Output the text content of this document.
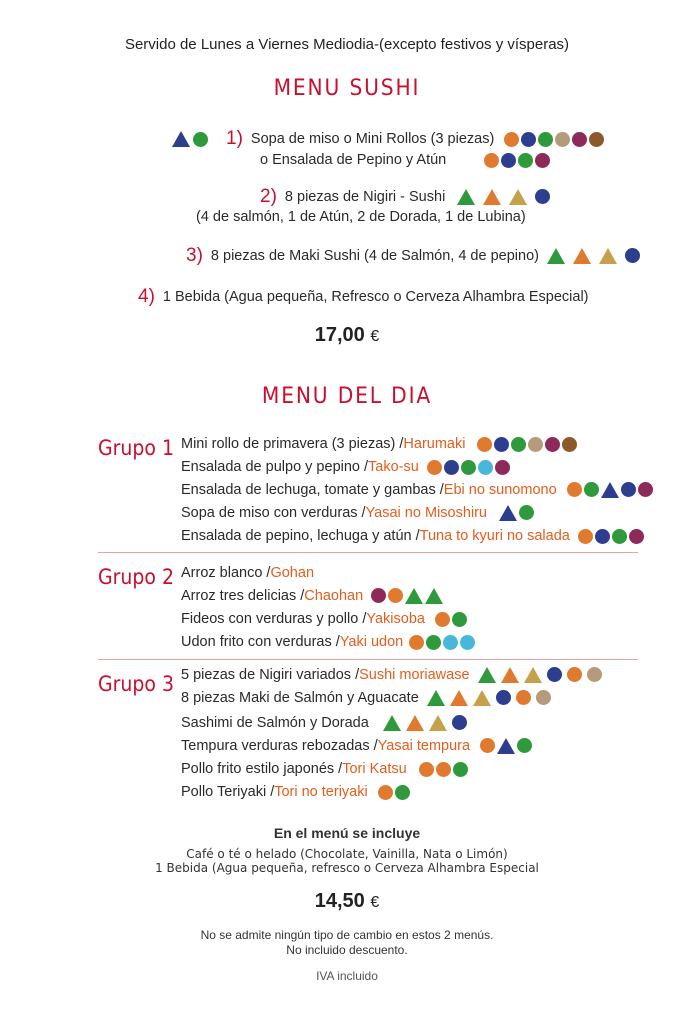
Servido de Lunes a Viernes Mediodia-(excepto festivos y vísperas)
MENU SUSHI
1) Sopa de miso o Mini Rollos (3 piezas)
o Ensalada de Pepino y Atún
2) 8 piezas de Nigiri - Sushi
(4 de salmón, 1 de Atún, 2 de Dorada, 1 de Lubina)
3) 8 piezas de Maki Sushi (4 de Salmón, 4 de pepino)
4) 1 Bebida (Agua pequeña, Refresco o Cerveza Alhambra Especial)
17,00 €
MENU DEL DIA
Grupo 1 Mini rollo de primavera (3 piezas) / Harumaki
Ensalada de pulpo y pepino / Tako-su
Ensalada de lechuga, tomate y gambas / Ebi no sunomono
Sopa de miso con verduras / Yasai no Misoshiru
Ensalada de pepino, lechuga y atún / Tuna to kyuri no salada
Grupo 2 Arroz blanco / Gohan
Arroz tres delicias / Chaohan
Fideos con verduras y pollo / Yakisoba
Udon frito con verduras / Yaki udon
Grupo 3 5 piezas de Nigiri variados / Sushi moriawase
8 piezas Maki de Salmón y Aguacate
Sashimi de Salmón y Dorada
Tempura verduras rebozadas / Yasai tempura
Pollo frito estilo japonés / Tori Katsu
Pollo Teriyaki / Tori no teriyaki
En el menú se incluye
Café o té o helado (Chocolate, Vainilla, Nata o Limón)
1 Bebida (Agua pequeña, refresco o Cerveza Alhambra Especial
14,50 €
No se admite ningún tipo de cambio en estos 2 menús.
No incluido descuento.
IVA incluido
